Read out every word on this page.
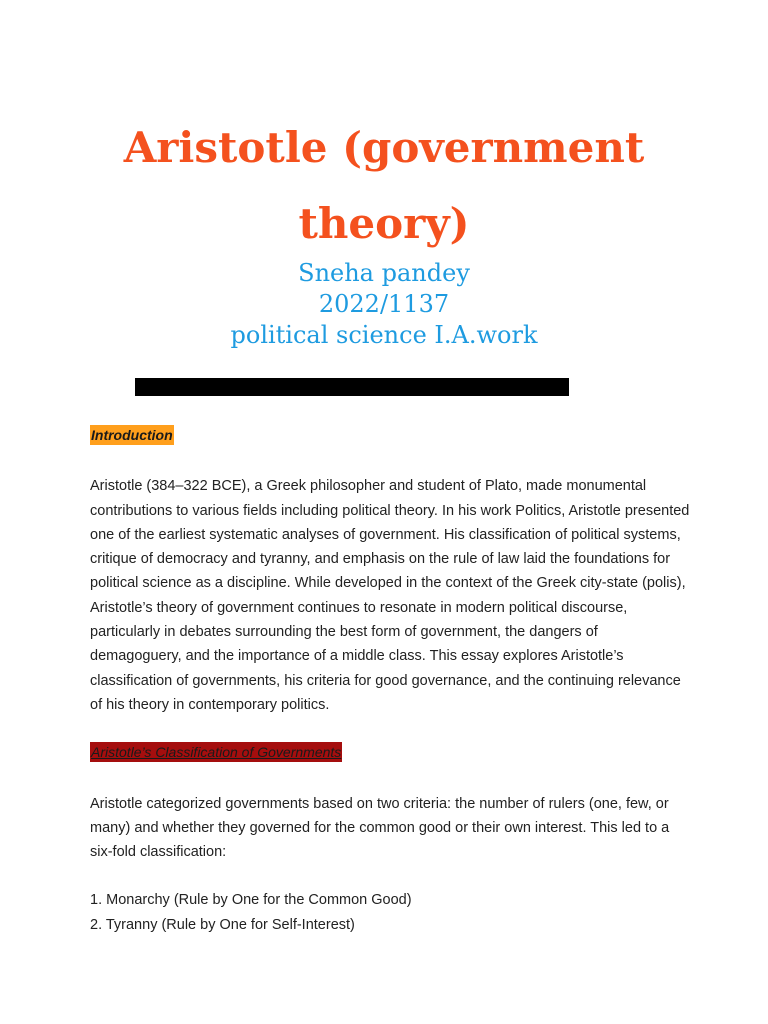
Aristotle (government
theory)
Sneha pandey
2022/1137
political science I.A.work
Introduction

Aristotle (384–322 BCE), a Greek philosopher and student of Plato, made monumental contributions to various fields including political theory. In his work Politics, Aristotle presented one of the earliest systematic analyses of government. His classification of political systems, critique of democracy and tyranny, and emphasis on the rule of law laid the foundations for political science as a discipline. While developed in the context of the Greek city-state (polis), Aristotle’s theory of government continues to resonate in modern political discourse, particularly in debates surrounding the best form of government, the dangers of demagoguery, and the importance of a middle class. This essay explores Aristotle’s classification of governments, his criteria for good governance, and the continuing relevance of his theory in contemporary politics.

Aristotle’s Classification of Governments

Aristotle categorized governments based on two criteria: the number of rulers (one, few, or many) and whether they governed for the common good or their own interest. This led to a six-fold classification:

1. Monarchy (Rule by One for the Common Good)

2. Tyranny (Rule by One for Self-Interest)
